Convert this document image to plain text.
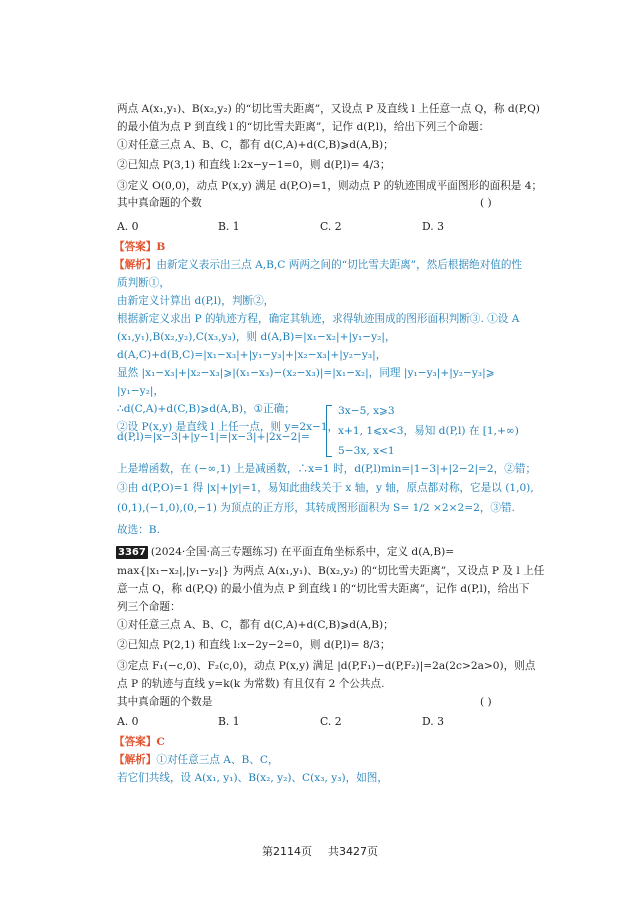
两点 A(x₁,y₁)、B(x₂,y₂) 的“切比雪夫距离”，又设点 P 及直线 l 上任意一点 Q，称 d(P,Q)
的最小值为点 P 到直线 l 的“切比雪夫距离”，记作 d(P,l)，给出下列三个命题：
①对任意三点 A、B、C，都有 d(C,A)+d(C,B)⩾d(A,B)；
②已知点 P(3,1) 和直线 l:2x−y−1=0，则 d(P,l)= 4/3；
③定义 O(0,0)，动点 P(x,y) 满足 d(P,O)=1，则动点 P 的轨迹围成平面图形的面积是 4；
其中真命题的个数	( )
A. 0	B. 1	C. 2	D. 3
【答案】B
【解析】由新定义表示出三点 A,B,C 两两之间的“切比雪夫距离”，然后根据绝对值的性
质判断①，
由新定义计算出 d(P,l)，判断②，
根据新定义求出 P 的轨迹方程，确定其轨迹，求得轨迹围成的图形面积判断③. ①设 A
(x₁,y₁),B(x₂,y₂),C(x₃,y₃)，则 d(A,B)=|x₁−x₂|+|y₁−y₂|，
d(A,C)+d(B,C)=|x₁−x₃|+|y₁−y₃|+|x₂−x₃|+|y₂−y₃|，
显然 |x₁−x₃|+|x₂−x₃|⩾|(x₁−x₃)−(x₂−x₃)|=|x₁−x₂|，同理 |y₁−y₃|+|y₂−y₃|⩾
|y₁−y₂|，
∴d(C,A)+d(C,B)⩾d(A,B)，①正确；
②设 P(x,y) 是直线 l 上任一点，则 y=2x−1，
d(P,l)=|x−3|+|y−1|=|x−3|+|2x−2|=
3x−5, x⩾3
x+1, 1⩽x<3，易知 d(P,l) 在 [1,+∞)
5−3x, x<1
上是增函数，在 (−∞,1) 上是减函数，∴x=1 时，d(P,l)min=|1−3|+|2−2|=2，②错；
③由 d(P,O)=1 得 |x|+|y|=1，易知此曲线关于 x 轴，y 轴，原点都对称，它是以 (1,0),
(0,1),(−1,0),(0,−1) 为顶点的正方形，其转成图形面积为 S= 1/2 ×2×2=2，③错.
故选：B.
3367 (2024·全国·高三专题练习) 在平面直角坐标系中，定义 d(A,B)=
max{|x₁−x₂|,|y₁−y₂|} 为两点 A(x₁,y₁)、B(x₂,y₂) 的“切比雪夫距离”，又设点 P 及 l 上任
意一点 Q，称 d(P,Q) 的最小值为点 P 到直线 l 的“切比雪夫距离”，记作 d(P,l)，给出下
列三个命题：
①对任意三点 A、B、C，都有 d(C,A)+d(C,B)⩾d(A,B)；
②已知点 P(2,1) 和直线 l:x−2y−2=0，则 d(P,l)= 8/3；
③定点 F₁(−c,0)、F₂(c,0)，动点 P(x,y) 满足 |d(P,F₁)−d(P,F₂)|=2a(2c>2a>0)，则点
点 P 的轨迹与直线 y=k(k 为常数) 有且仅有 2 个公共点.
其中真命题的个数是	( )
A. 0	B. 1	C. 2	D. 3
【答案】C
【解析】①对任意三点 A、B、C，
若它们共线，设 A(x₁, y₁)、B(x₂, y₂)、C(x₃, y₃)，如图，
第2114页 共3427页
